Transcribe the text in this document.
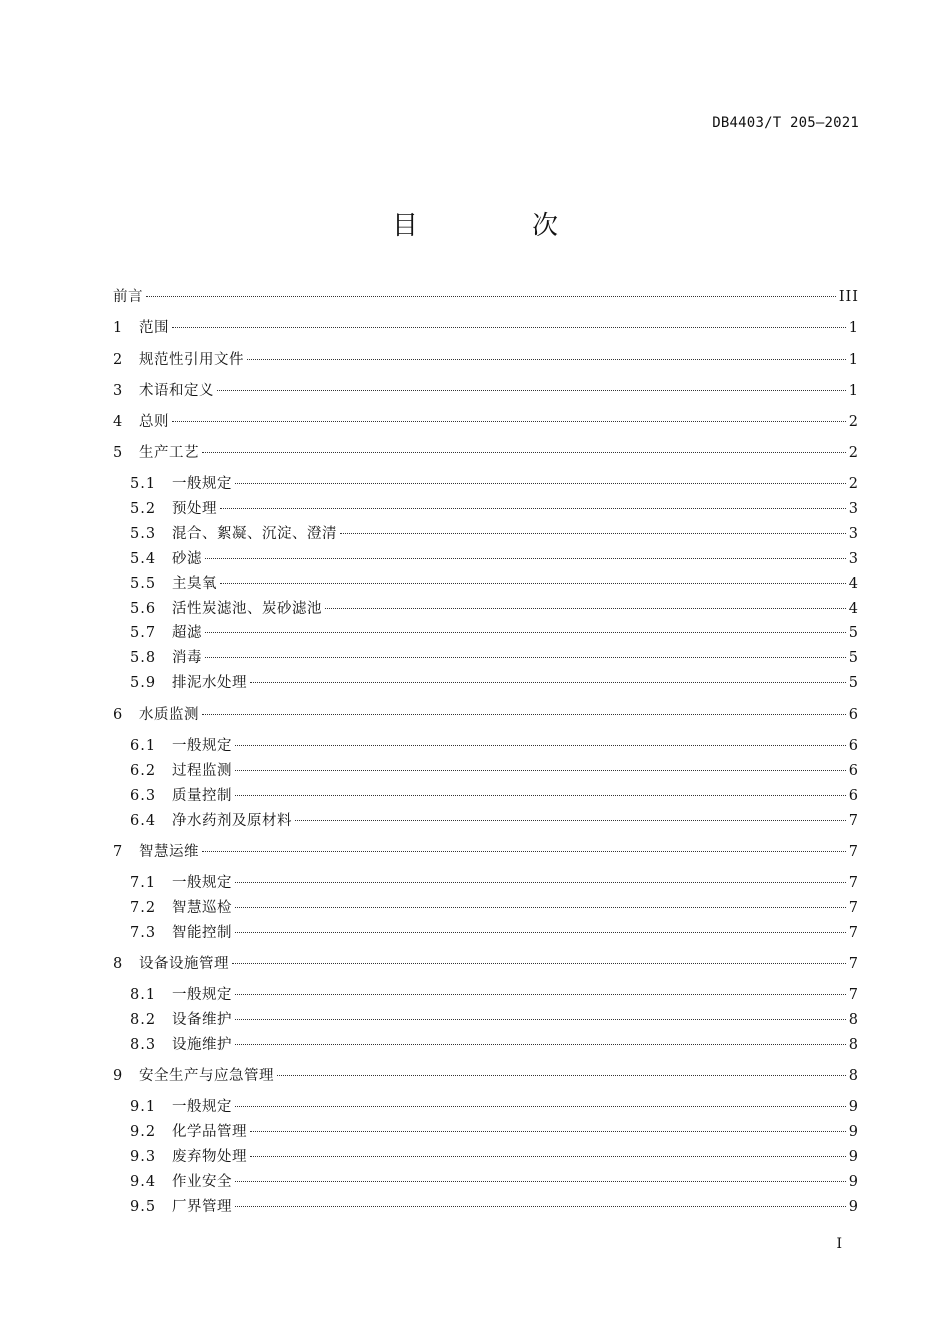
DB4403/T 205—2021
目　次
前言	III
1	范围	1
2	规范性引用文件	1
3	术语和定义	1
4	总则	2
5	生产工艺	2
5.1	一般规定	2
5.2	预处理	3
5.3	混合、絮凝、沉淀、澄清	3
5.4	砂滤	3
5.5	主臭氧	4
5.6	活性炭滤池、炭砂滤池	4
5.7	超滤	5
5.8	消毒	5
5.9	排泥水处理	5
6	水质监测	6
6.1	一般规定	6
6.2	过程监测	6
6.3	质量控制	6
6.4	净水药剂及原材料	7
7	智慧运维	7
7.1	一般规定	7
7.2	智慧巡检	7
7.3	智能控制	7
8	设备设施管理	7
8.1	一般规定	7
8.2	设备维护	8
8.3	设施维护	8
9	安全生产与应急管理	8
9.1	一般规定	9
9.2	化学品管理	9
9.3	废弃物处理	9
9.4	作业安全	9
9.5	厂界管理	9
I
